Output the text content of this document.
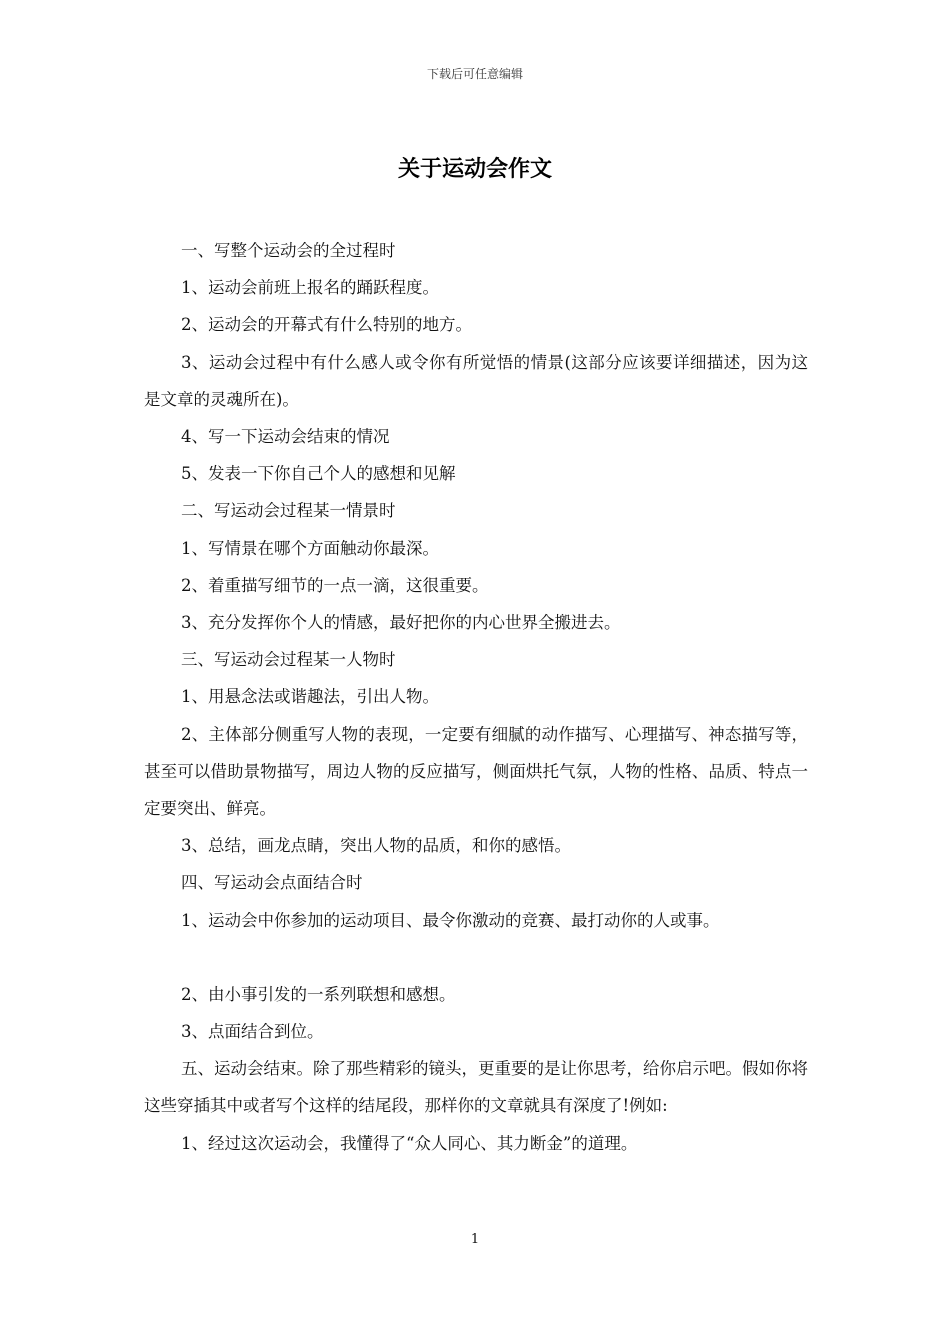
下载后可任意编辑
关于运动会作文

一、写整个运动会的全过程时

1、运动会前班上报名的踊跃程度。

2、运动会的开幕式有什么特别的地方。

3、运动会过程中有什么感人或令你有所觉悟的情景(这部分应该要详细描述，因为这是文章的灵魂所在)。

4、写一下运动会结束的情况

5、发表一下你自己个人的感想和见解

二、写运动会过程某一情景时

1、写情景在哪个方面触动你最深。

2、着重描写细节的一点一滴，这很重要。

3、充分发挥你个人的情感，最好把你的内心世界全搬进去。

三、写运动会过程某一人物时

1、用悬念法或谐趣法，引出人物。

2、主体部分侧重写人物的表现，一定要有细腻的动作描写、心理描写、神态描写等，甚至可以借助景物描写，周边人物的反应描写，侧面烘托气氛，人物的性格、品质、特点一定要突出、鲜亮。

3、总结，画龙点睛，突出人物的品质，和你的感悟。

四、写运动会点面结合时

1、运动会中你参加的运动项目、最令你激动的竞赛、最打动你的人或事。

2、由小事引发的一系列联想和感想。

3、点面结合到位。

五、运动会结束。除了那些精彩的镜头，更重要的是让你思考，给你启示吧。假如你将这些穿插其中或者写个这样的结尾段，那样你的文章就具有深度了!例如:

1、经过这次运动会，我懂得了“众人同心、其力断金”的道理。

1
